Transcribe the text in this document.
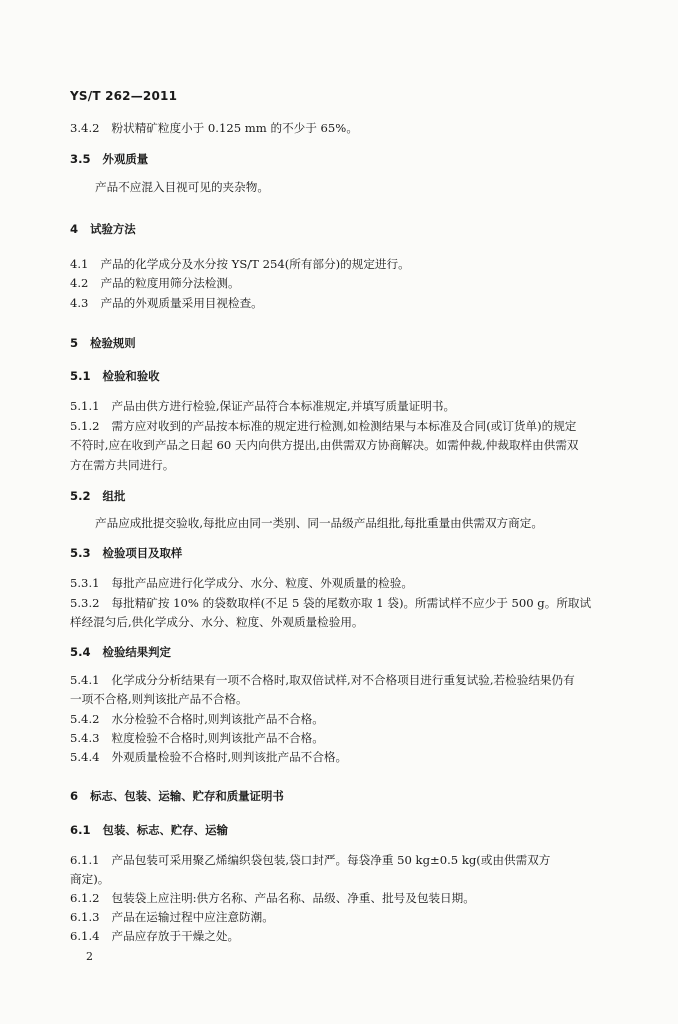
YS/T 262—2011
3.4.2 粉状精矿粒度小于 0.125 mm 的不少于 65%。
3.5 外观质量
产品不应混入目视可见的夹杂物。
4 试验方法
4.1 产品的化学成分及水分按 YS/T 254(所有部分)的规定进行。
4.2 产品的粒度用筛分法检测。
4.3 产品的外观质量采用目视检查。
5 检验规则
5.1 检验和验收
5.1.1 产品由供方进行检验,保证产品符合本标准规定,并填写质量证明书。
5.1.2 需方应对收到的产品按本标准的规定进行检测,如检测结果与本标准及合同(或订货单)的规定
不符时,应在收到产品之日起 60 天内向供方提出,由供需双方协商解决。如需仲裁,仲裁取样由供需双
方在需方共同进行。
5.2 组批
产品应成批提交验收,每批应由同一类别、同一品级产品组批,每批重量由供需双方商定。
5.3 检验项目及取样
5.3.1 每批产品应进行化学成分、水分、粒度、外观质量的检验。
5.3.2 每批精矿按 10% 的袋数取样(不足 5 袋的尾数亦取 1 袋)。所需试样不应少于 500 g。所取试
样经混匀后,供化学成分、水分、粒度、外观质量检验用。
5.4 检验结果判定
5.4.1 化学成分分析结果有一项不合格时,取双倍试样,对不合格项目进行重复试验,若检验结果仍有
一项不合格,则判该批产品不合格。
5.4.2 水分检验不合格时,则判该批产品不合格。
5.4.3 粒度检验不合格时,则判该批产品不合格。
5.4.4 外观质量检验不合格时,则判该批产品不合格。
6 标志、包装、运输、贮存和质量证明书
6.1 包装、标志、贮存、运输
6.1.1 产品包装可采用聚乙烯编织袋包装,袋口封严。每袋净重 50 kg±0.5 kg(或由供需双方
商定)。
6.1.2 包装袋上应注明:供方名称、产品名称、品级、净重、批号及包装日期。
6.1.3 产品在运输过程中应注意防潮。
6.1.4 产品应存放于干燥之处。
2
